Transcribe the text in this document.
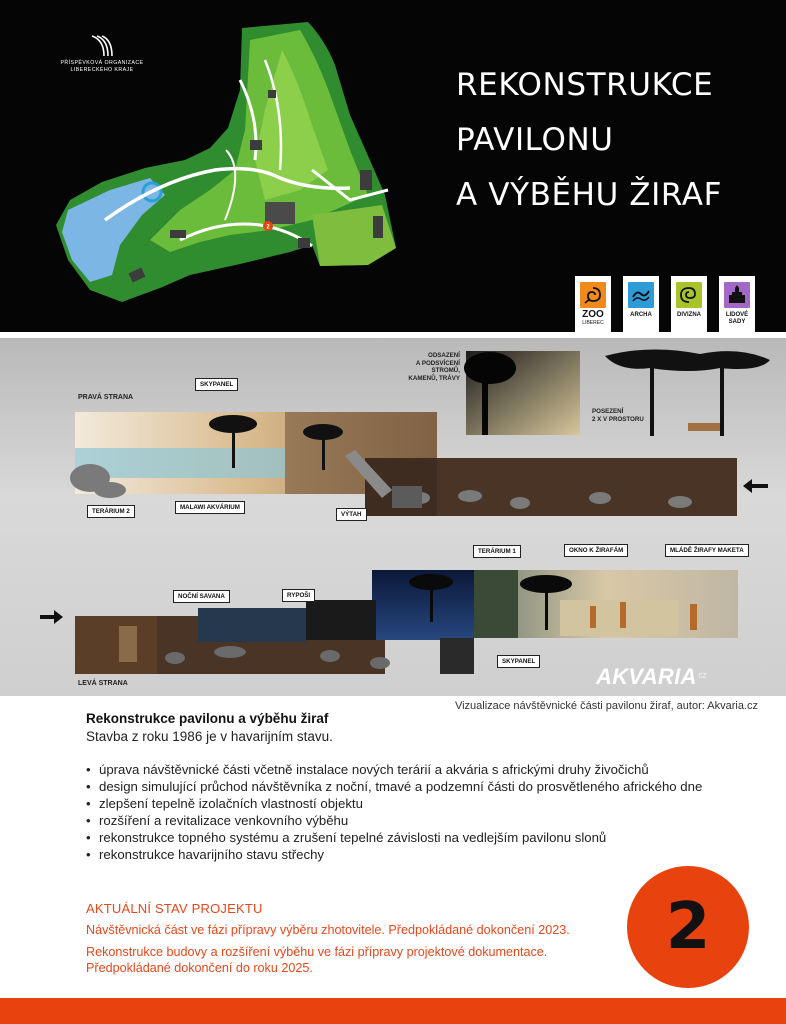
PŘÍSPĚVKOVÁ ORGANIZACE
LIBERECKÉHO KRAJE
2
REKONSTRUKCE
PAVILONU
A VÝBĚHU ŽIRAF
ZOO
LIBEREC
ARCHA	DIVIZNA	LIDOVÉ SADY
PRAVÁ STRANA
LEVÁ STRANA
SKYPANEL
TERÁRIUM 2
MALAWI AKVÁRIUM
VÝTAH
TERÁRIUM 1	OKNO K ŽIRAFÁM	MLÁDĚ ŽIRAFY MAKETA
NOČNÍ SAVANA	RYPOŠI
SKYPANEL
ODSAZENÍ
A PODSVÍCENÍ
STROMŮ,
KAMENŮ, TRÁVY
POSEZENÍ
2 X V PROSTORU
$AKVARIA^{.CZ}$
Vizualizace návštěvnické části pavilonu žiraf, autor: Akvaria.cz
Rekonstrukce pavilonu a výběhu žiraf
Stavba z roku 1986 je v havarijním stavu.
• úprava návštěvnické části včetně instalace nových terárií a akvária s africkými druhy živočichů
• design simulující průchod návštěvníka z noční, tmavé a podzemní části do prosvětleného afrického dne
• zlepšení tepelně izolačních vlastností objektu
• rozšíření a revitalizace venkovního výběhu
• rekonstrukce topného systému a zrušení tepelné závislosti na vedlejším pavilonu slonů
• rekonstrukce havarijního stavu střechy
AKTUÁLNÍ STAV PROJEKTU

Návštěvnická část ve fázi přípravy výběru zhotovitele. Předpokládané dokončení 2023.

Rekonstrukce budovy a rozšíření výběhu ve fázi přípravy projektové dokumentace. Předpokládané dokončení do roku 2025.

2
